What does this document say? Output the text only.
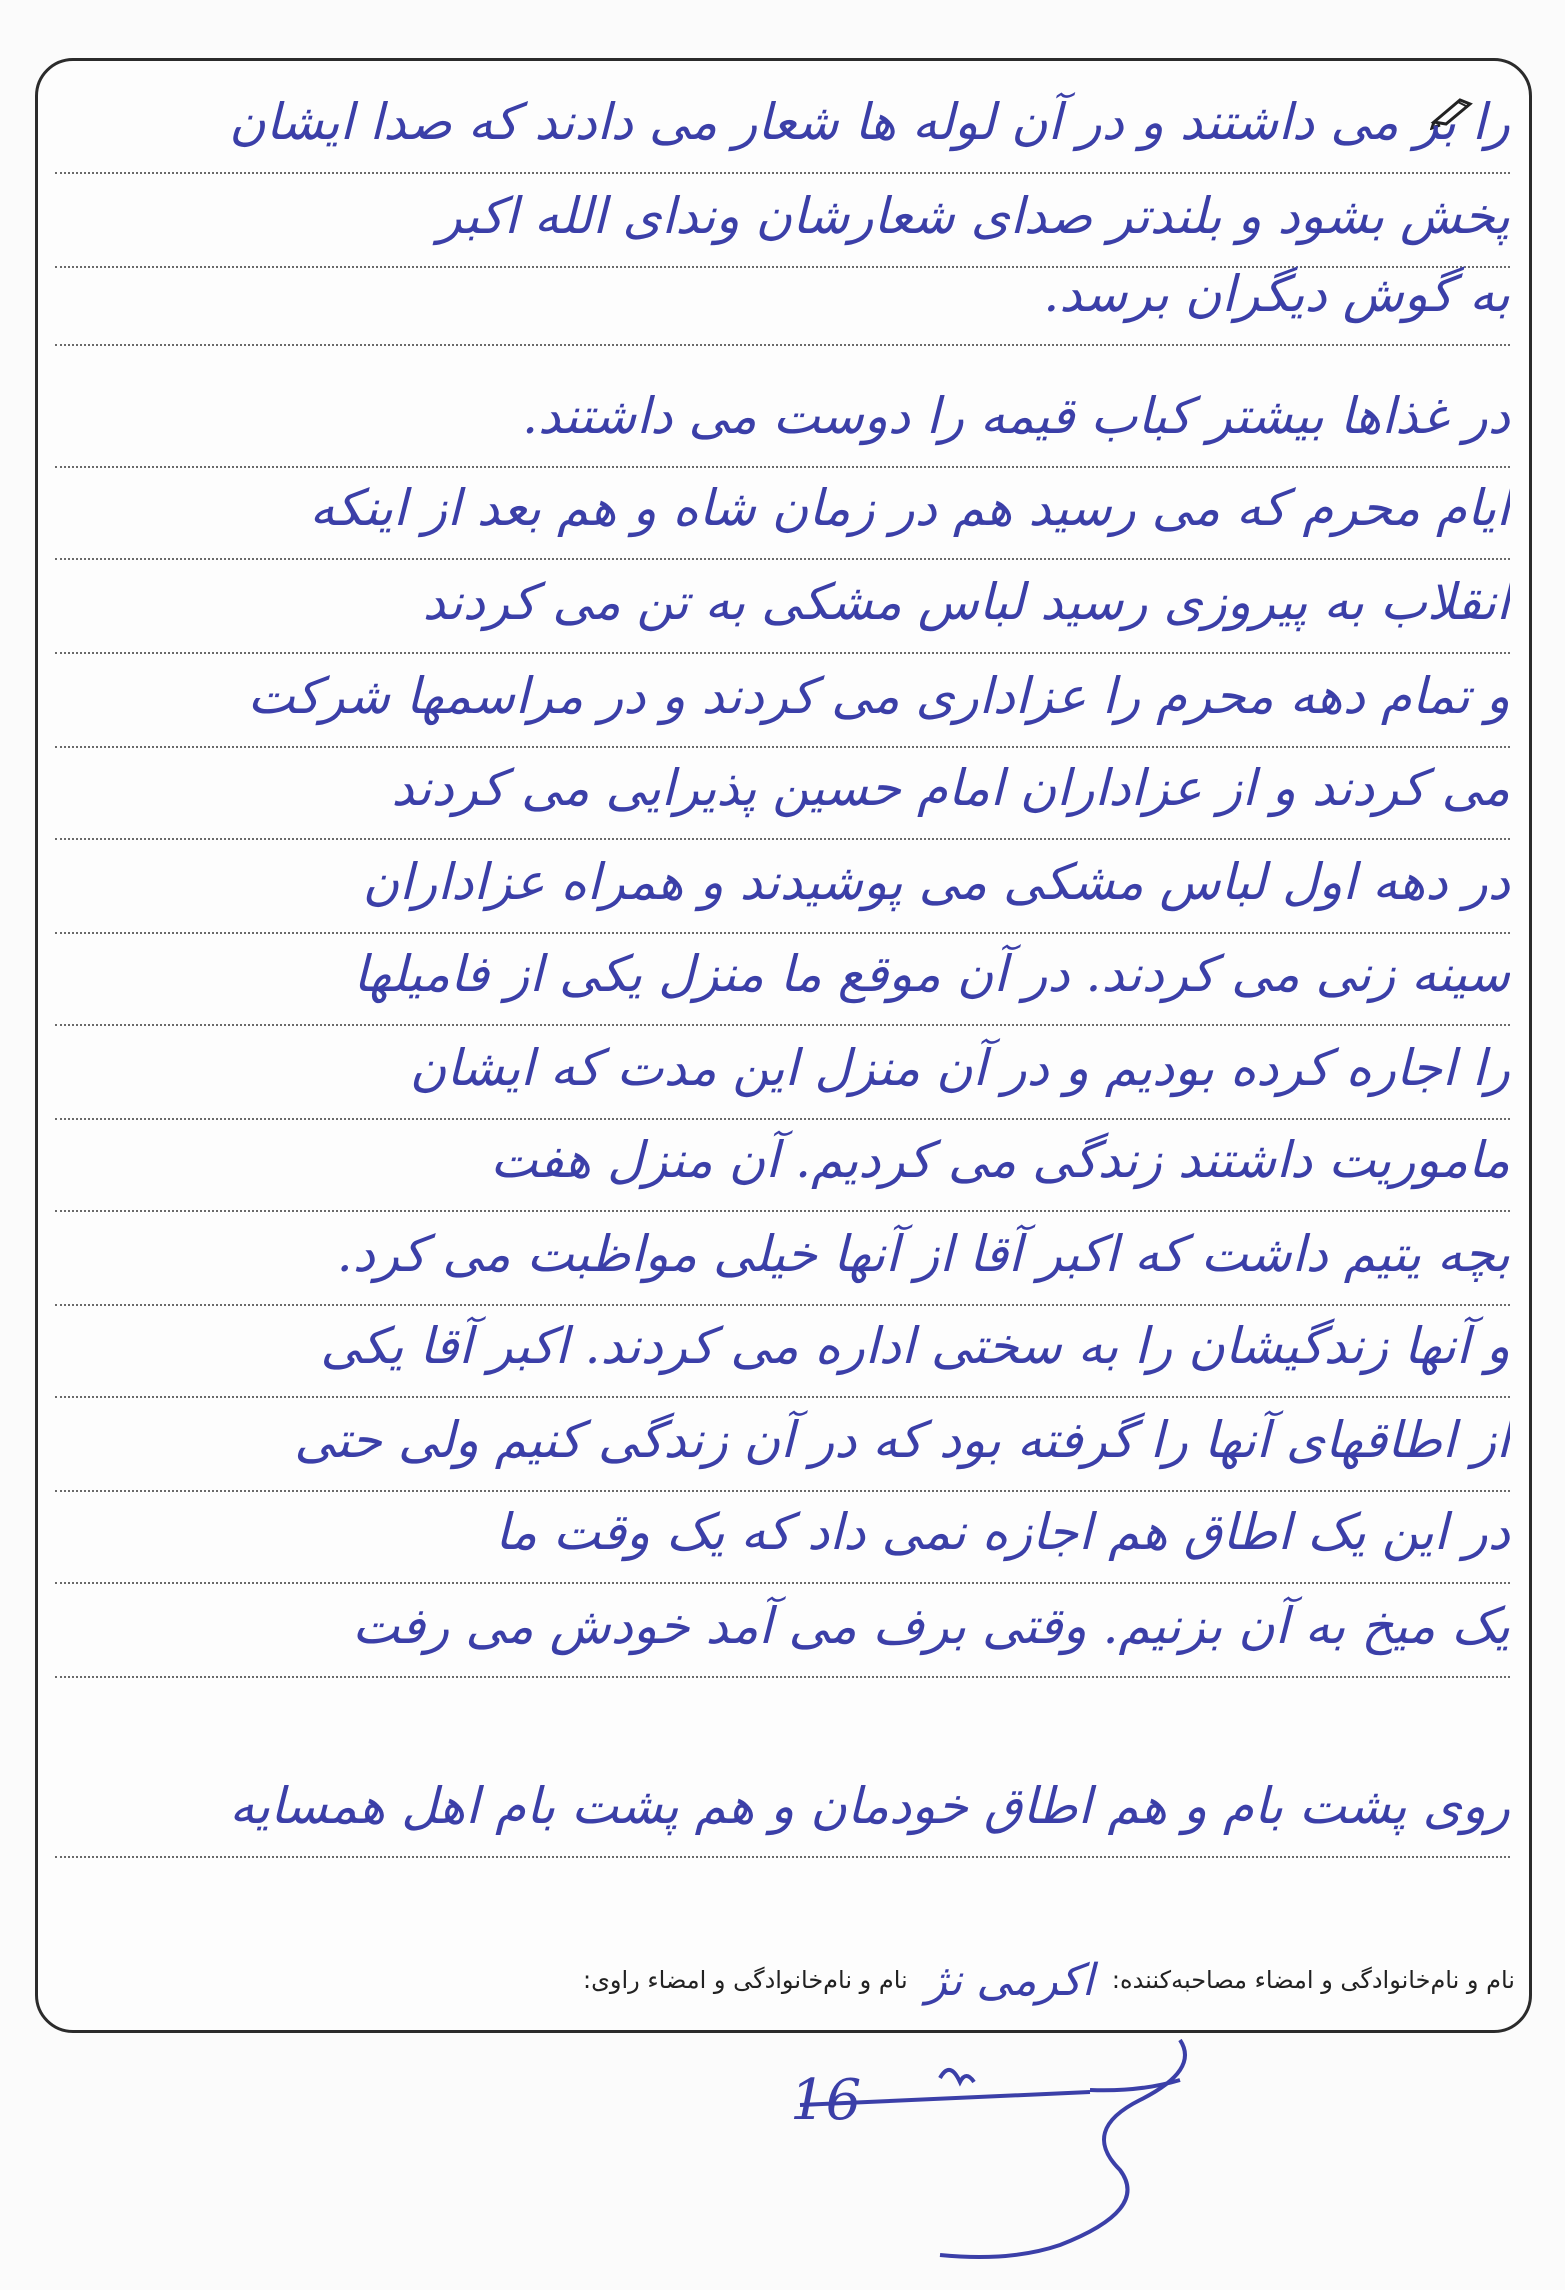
را بر می داشتند و در آن لوله ها شعار می دادند که صدا ایشان
پخش بشود و بلندتر صدای شعارشان ونداى الله اکبر
به گوش دیگران برسد.
در غذاها بیشتر کباب قیمه را دوست می داشتند.
ایام محرم که می رسید هم در زمان شاه و هم بعد از اینکه
انقلاب به پیروزی رسید لباس مشکی به تن می کردند
و تمام دهه محرم را عزاداری می کردند و در مراسمها شرکت
می کردند و از عزاداران امام حسین پذیرایی می کردند
در دهه اول لباس مشکی می پوشیدند و همراه عزاداران
سینه زنی می کردند. در آن موقع ما منزل یکی از فامیلها
را اجاره کرده بودیم و در آن منزل این مدت که ایشان
ماموریت داشتند زندگی می کردیم. آن منزل هفت
بچه یتیم داشت که اکبر آقا از آنها خیلی مواظبت می کرد.
و آنها زندگیشان را به سختی اداره می کردند. اکبر آقا یکی
از اطاقهای آنها را گرفته بود که در آن زندگی کنیم ولی حتی
در این یک اطاق هم اجازه نمی داد که یک وقت ما
یک میخ به آن بزنیم. وقتی برف می آمد خودش می رفت
روی پشت بام و هم اطاق خودمان و هم پشت بام اهل همسایه
نام و نام‌خانوادگی و امضاء مصاحبه‌کننده:
اکرمی نژ
نام و نام‌خانوادگی و امضاء راوی:
16
